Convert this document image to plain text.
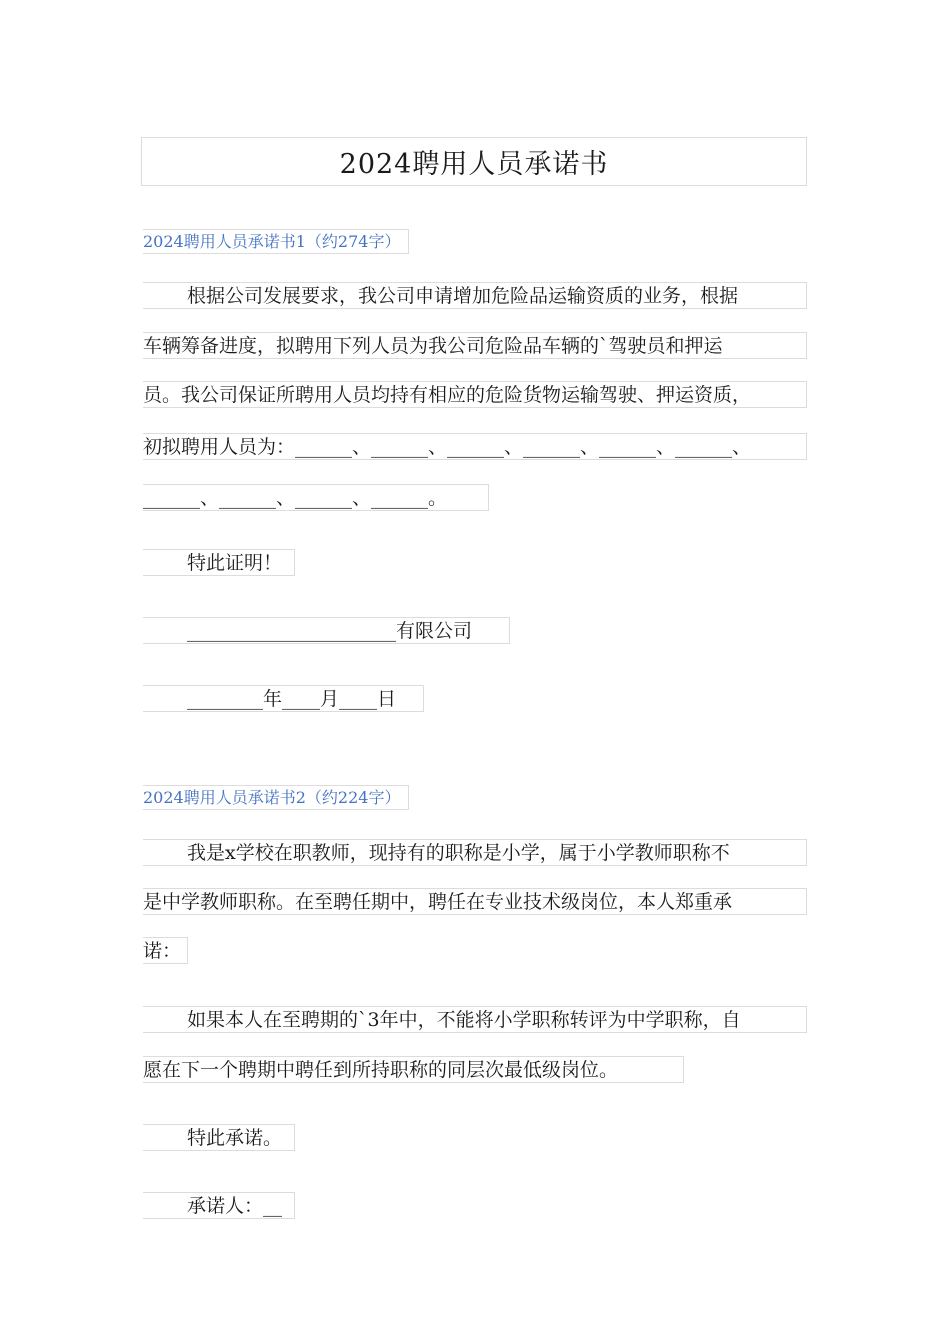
2024聘用人员承诺书
2024聘用人员承诺书1（约274字）
根据公司发展要求，我公司申请增加危险品运输资质的业务，根据
车辆筹备进度，拟聘用下列人员为我公司危险品车辆的`驾驶员和押运
员。我公司保证所聘用人员均持有相应的危险货物运输驾驶、押运资质，
初拟聘用人员为：______、______、______、______、______、______、
______、______、______、______。
特此证明！
______________________有限公司
________年____月____日
2024聘用人员承诺书2（约224字）
我是x学校在职教师，现持有的职称是小学，属于小学教师职称不
是中学教师职称。在至聘任期中，聘任在专业技术级岗位，本人郑重承
诺：
如果本人在至聘期的`3年中，不能将小学职称转评为中学职称，自
愿在下一个聘期中聘任到所持职称的同层次最低级岗位。
特此承诺。
承诺人：__
